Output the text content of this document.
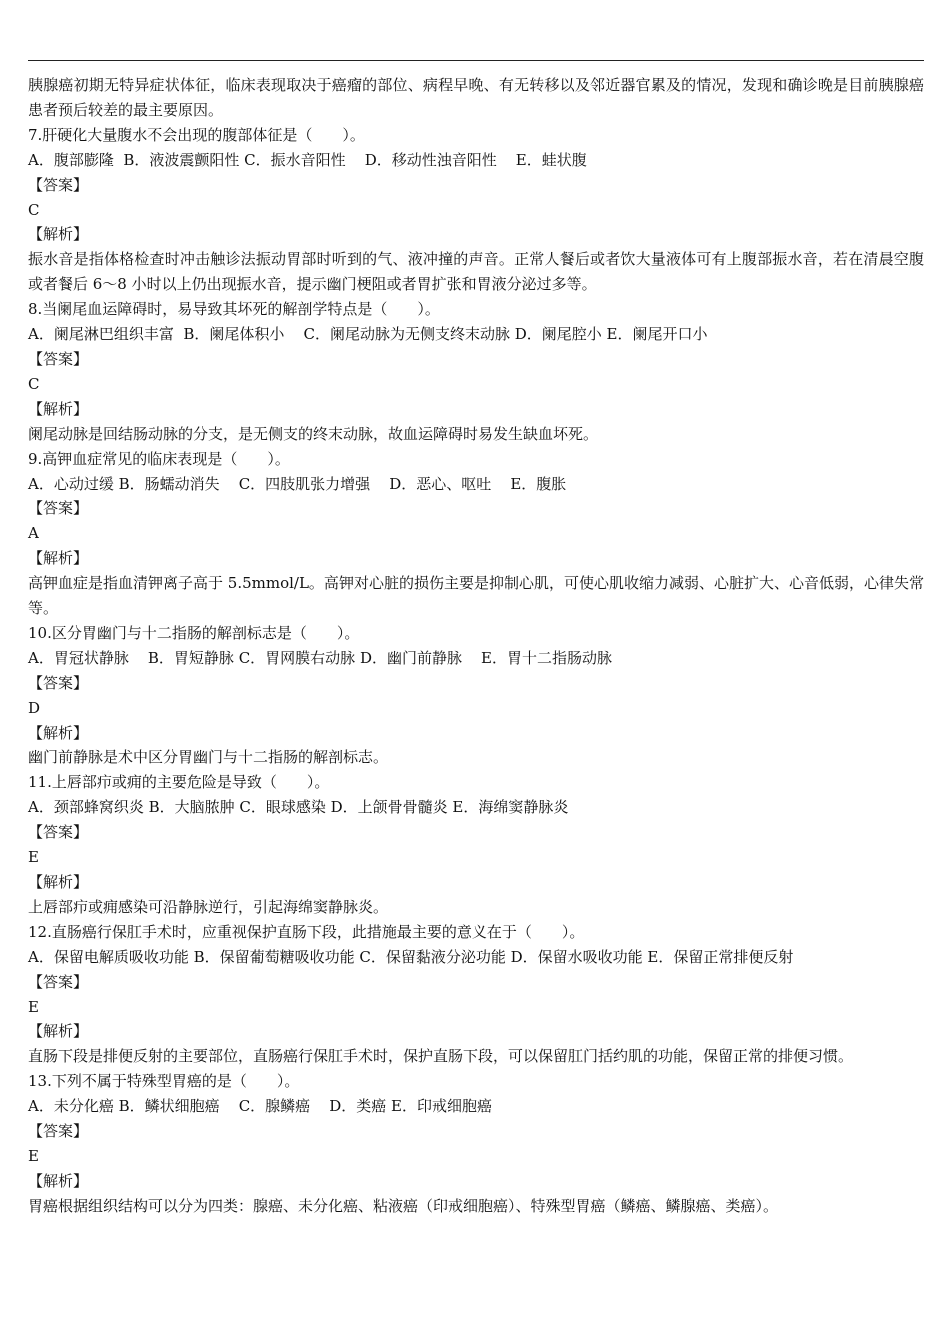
胰腺癌初期无特异症状体征，临床表现取决于癌瘤的部位、病程早晚、有无转移以及邻近器官累及的情况，发现和确诊晚是目前胰腺癌患者预后较差的最主要原因。

7.肝硬化大量腹水不会出现的腹部体征是（　　）。

A．腹部膨隆  B．液波震颤阳性 C．振水音阳性    D．移动性浊音阳性    E．蛙状腹

【答案】

C

【解析】

振水音是指体格检查时冲击触诊法振动胃部时听到的气、液冲撞的声音。正常人餐后或者饮大量液体可有上腹部振水音，若在清晨空腹或者餐后 6～8 小时以上仍出现振水音，提示幽门梗阻或者胃扩张和胃液分泌过多等。

8.当阑尾血运障碍时，易导致其坏死的解剖学特点是（　　）。

A．阑尾淋巴组织丰富  B．阑尾体积小    C．阑尾动脉为无侧支终末动脉 D．阑尾腔小 E．阑尾开口小

【答案】

C

【解析】

阑尾动脉是回结肠动脉的分支，是无侧支的终末动脉，故血运障碍时易发生缺血坏死。

9.高钾血症常见的临床表现是（　　）。

A．心动过缓 B．肠蠕动消失    C．四肢肌张力增强    D．恶心、呕吐    E．腹胀

【答案】

A

【解析】

高钾血症是指血清钾离子高于 5.5mmol/L。高钾对心脏的损伤主要是抑制心肌，可使心肌收缩力减弱、心脏扩大、心音低弱，心律失常等。

10.区分胃幽门与十二指肠的解剖标志是（　　）。

A．胃冠状静脉    B．胃短静脉 C．胃网膜右动脉 D．幽门前静脉    E．胃十二指肠动脉

【答案】

D

【解析】

幽门前静脉是术中区分胃幽门与十二指肠的解剖标志。

11.上唇部疖或痈的主要危险是导致（　　）。

A．颈部蜂窝织炎 B．大脑脓肿 C．眼球感染 D．上颌骨骨髓炎 E．海绵窦静脉炎

【答案】

E

【解析】

上唇部疖或痈感染可沿静脉逆行，引起海绵窦静脉炎。

12.直肠癌行保肛手术时，应重视保护直肠下段，此措施最主要的意义在于（　　）。

A．保留电解质吸收功能 B．保留葡萄糖吸收功能 C．保留黏液分泌功能 D．保留水吸收功能 E．保留正常排便反射

【答案】

E

【解析】

直肠下段是排便反射的主要部位，直肠癌行保肛手术时，保护直肠下段，可以保留肛门括约肌的功能，保留正常的排便习惯。

13.下列不属于特殊型胃癌的是（　　）。

A．未分化癌 B．鳞状细胞癌    C．腺鳞癌    D．类癌 E．印戒细胞癌

【答案】

E

【解析】

胃癌根据组织结构可以分为四类：腺癌、未分化癌、粘液癌（印戒细胞癌）、特殊型胃癌（鳞癌、鳞腺癌、类癌）。
